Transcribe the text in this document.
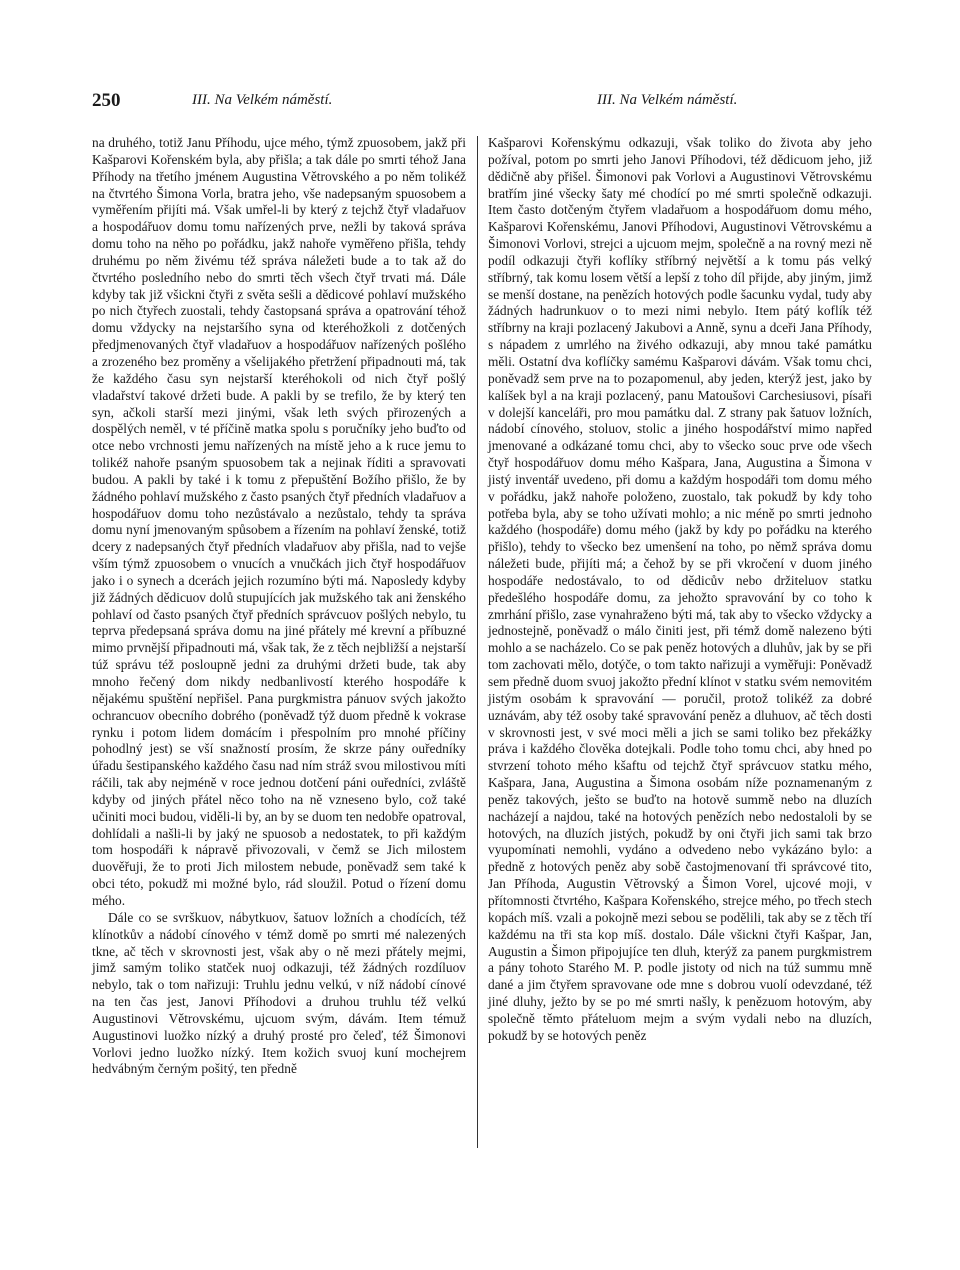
250	III. Na Velkém náměstí.	III. Na Velkém náměstí.

na druhého, totiž Janu Příhodu, ujce mého, týmž zpuosobem, jakž při Kašparovi Kořenském byla, aby přišla; a tak dále po smrti téhož Jana Příhody na třetího jménem Augustina Větrovského a po něm tolikéž na čtvrtého Šimona Vorla, bratra jeho, vše nadepsaným spuosobem a vyměřením přijíti má. Však umřel-li by který z tejchž čtyř vladařuov a hospodářuov domu tomu nařízených prve, nežli by taková správa domu toho na něho po pořádku, jakž nahoře vyměřeno přišla, tehdy druhému po něm živému též správa náležeti bude a to tak až do čtvrtého posledního nebo do smrti těch všech čtyř trvati má. Dále kdyby tak již všickni čtyři z světa sešli a dědicové pohlaví mužského po nich čtyřech zuostali, tehdy častopsaná správa a opatrování téhož domu vždycky na nejstaršího syna od kteréhožkoli z dotčených předjmenovaných čtyř vladařuov a hospodářuov nařízených pošlého a zrozeného bez proměny a všelijakého přetržení připadnouti má, tak že každého času syn nejstarší kteréhokoli od nich čtyř pošlý vladařství takové držeti bude. A pakli by se trefilo, že by který ten syn, ačkoli starší mezi jinými, však leth svých přirozených a dospělých neměl, v té příčině matka spolu s poručníky jeho buďto od otce nebo vrchnosti jemu nařízených na místě jeho a k ruce jemu to tolikéž nahoře psaným spuosobem tak a nejinak říditi a spravovati budou. A pakli by také i k tomu z přepuštění Božího přišlo, že by žádného pohlaví mužského z často psaných čtyř předních vladařuov a hospodářuov domu toho nezůstávalo a nezůstalo, tehdy ta správa domu nyní jmenovaným spůsobem a řízením na pohlaví ženské, totiž dcery z nadepsaných čtyř předních vladařuov aby přišla, nad to vejše vším týmž zpuosobem o vnucích a vnučkách jich čtyř hospodářuov jako i o synech a dcerách jejich rozumíno býti má. Naposledy kdyby již žádných dědicuov dolů stupujících jak mužského tak ani ženského pohlaví od často psaných čtyř předních správcuov pošlých nebylo, tu teprva předepsaná správa domu na jiné přátely mé krevní a příbuzné mimo prvnější připadnouti má, však tak, že z těch nejbližší a nejstarší túž správu též posloupně jedni za druhými držeti bude, tak aby mnoho řečený dom nikdy nedbanlivostí kterého hospodáře k nějakému spuštění nepřišel. Pana purgkmistra pánuov svých jakožto ochrancuov obecního dobrého (poněvadž týž duom předně k vokrase rynku i potom lidem domácím i přespolním pro mnohé příčiny pohodlný jest) se vší snažností prosím, že skrze pány ouředníky úřadu šestipanského každého času nad ním stráž svou milostivou míti ráčili, tak aby nejméně v roce jednou dotčení páni ouředníci, zvláště kdyby od jiných přátel něco toho na ně vzneseno bylo, což také učiniti moci budou, viděli-li by, an by se duom ten nedobře opatroval, dohlídali a našli-li by jaký ne spuosob a nedostatek, to při každým tom hospodáři k nápravě přivozovali, v čemž se Jich milostem duověřuji, že to proti Jich milostem nebude, poněvadž sem také k obci této, pokudž mi možné bylo, rád sloužil. Potud o řízení domu mého.

Dále co se svrškuov, nábytkuov, šatuov ložních a chodících, též klínotkův a nádobí cínového v témž domě po smrti mé nalezených tkne, ač těch v skrovnosti jest, však aby o ně mezi přátely mejmi, jimž samým toliko statček nuoj odkazuji, též žádných rozdíluov nebylo, tak o tom nařizuji: Truhlu jednu velkú, v níž nádobí cínové na ten čas jest, Janovi Příhodovi a druhou truhlu též velkú Augustinovi Větrovskému, ujcuom svým, dávám. Item témuž Augustinovi luožko nízký a druhý prosté pro čeleď, též Šimonovi Vorlovi jedno luožko nízký. Item kožich svuoj kuní mochejrem hedvábným černým pošitý, ten předně

Kašparovi Kořenskýmu odkazuji, však toliko do života aby jeho požíval, potom po smrti jeho Janovi Příhodovi, též dědicuom jeho, již dědičně aby přišel. Šimonovi pak Vorlovi a Augustinovi Větrovskému bratřím jiné všecky šaty mé chodící po mé smrti společně odkazuji. Item často dotčeným čtyřem vladařuom a hospodářuom domu mého, Kašparovi Kořenskému, Janovi Příhodovi, Augustinovi Větrovskému a Šimonovi Vorlovi, strejci a ujcuom mejm, společně a na rovný mezi ně podíl odkazuji čtyři koflíky stříbrný největší a k tomu pás velký stříbrný, tak komu losem větší a lepší z toho díl přijde, aby jiným, jimž se menší dostane, na penězích hotových podle šacunku vydal, tudy aby žádných hadrunkuov o to mezi nimi nebylo. Item pátý koflík též stříbrny na kraji pozlacený Jakubovi a Anně, synu a dceři Jana Příhody, s nápadem z umrlého na živého odkazuji, aby mnou také památku měli. Ostatní dva koflíčky samému Kašparovi dávám. Však tomu chci, poněvadž sem prve na to pozapomenul, aby jeden, kterýž jest, jako by kalíšek byl a na kraji pozlacený, panu Matoušovi Carchesiusovi, písaři v dolejší kanceláři, pro mou památku dal. Z strany pak šatuov ložních, nádobí cínového, stoluov, stolic a jiného hospodářství mimo napřed jmenované a odkázané tomu chci, aby to všecko souc prve ode všech čtyř hospodářuov domu mého Kašpara, Jana, Augustina a Šimona v jistý inventář uvedeno, při domu a každým hospodáři tom domu mého v pořádku, jakž nahoře položeno, zuostalo, tak pokudž by kdy toho potřeba byla, aby se toho užívati mohlo; a nic méně po smrti jednoho každého (hospodáře) domu mého (jakž by kdy po pořádku na kterého přišlo), tehdy to všecko bez umenšení na toho, po němž správa domu náležeti bude, přijíti má; a čehož by se při vkročení v duom jiného hospodáře nedostávalo, to od dědicův nebo držiteluov statku předešlého hospodáře domu, za jehožto spravování by co toho k zmrhání přišlo, zase vynahraženo býti má, tak aby to všecko vždycky a jednostejně, poněvadž o málo činiti jest, při témž domě nalezeno býti mohlo a se nacházelo. Co se pak peněz hotových a dluhův, jak by se při tom zachovati mělo, dotýče, o tom takto nařizuji a vyměřuji: Poněvadž sem předně duom svuoj jakožto přední klínot v statku svém nemovitém jistým osobám k spravování — poručil, protož tolikéž za dobré uznávám, aby též osoby také spravování peněz a dluhuov, ač těch dosti v skrovnosti jest, v své moci měli a jich se sami toliko bez překážky práva i každého člověka dotejkali. Podle toho tomu chci, aby hned po stvrzení tohoto mého kšaftu od tejchž čtyř správcuov statku mého, Kašpara, Jana, Augustina a Šimona osobám níže poznamenaným z peněz takových, ješto se buďto na hotově summě nebo na dluzích nacházejí a najdou, také na hotových penězích nebo nedostaloli by se hotových, na dluzích jistých, pokudž by oni čtyři jich sami tak brzo vyupomínati nemohli, vydáno a odvedeno nebo vykázáno bylo: a předně z hotových peněz aby sobě častojmenovaní tři správcové tito, Jan Příhoda, Augustin Větrovský a Šimon Vorel, ujcové moji, v přítomnosti čtvrtého, Kašpara Kořenského, strejce mého, po třech stech kopách míš. vzali a pokojně mezi sebou se podělili, tak aby se z těch tří každému na tři sta kop míš. dostalo. Dále všickni čtyři Kašpar, Jan, Augustin a Šimon připojujíce ten dluh, kterýž za panem purgkmistrem a pány tohoto Starého M. P. podle jistoty od nich na túž summu mně dané a jim čtyřem spravovane ode mne s dobrou vuolí odevzdané, též jiné dluhy, ježto by se po mé smrti našly, k penězuom hotovým, aby společně těmto přáteluom mejm a svým vydali nebo na dluzích, pokudž by se hotových peněz
